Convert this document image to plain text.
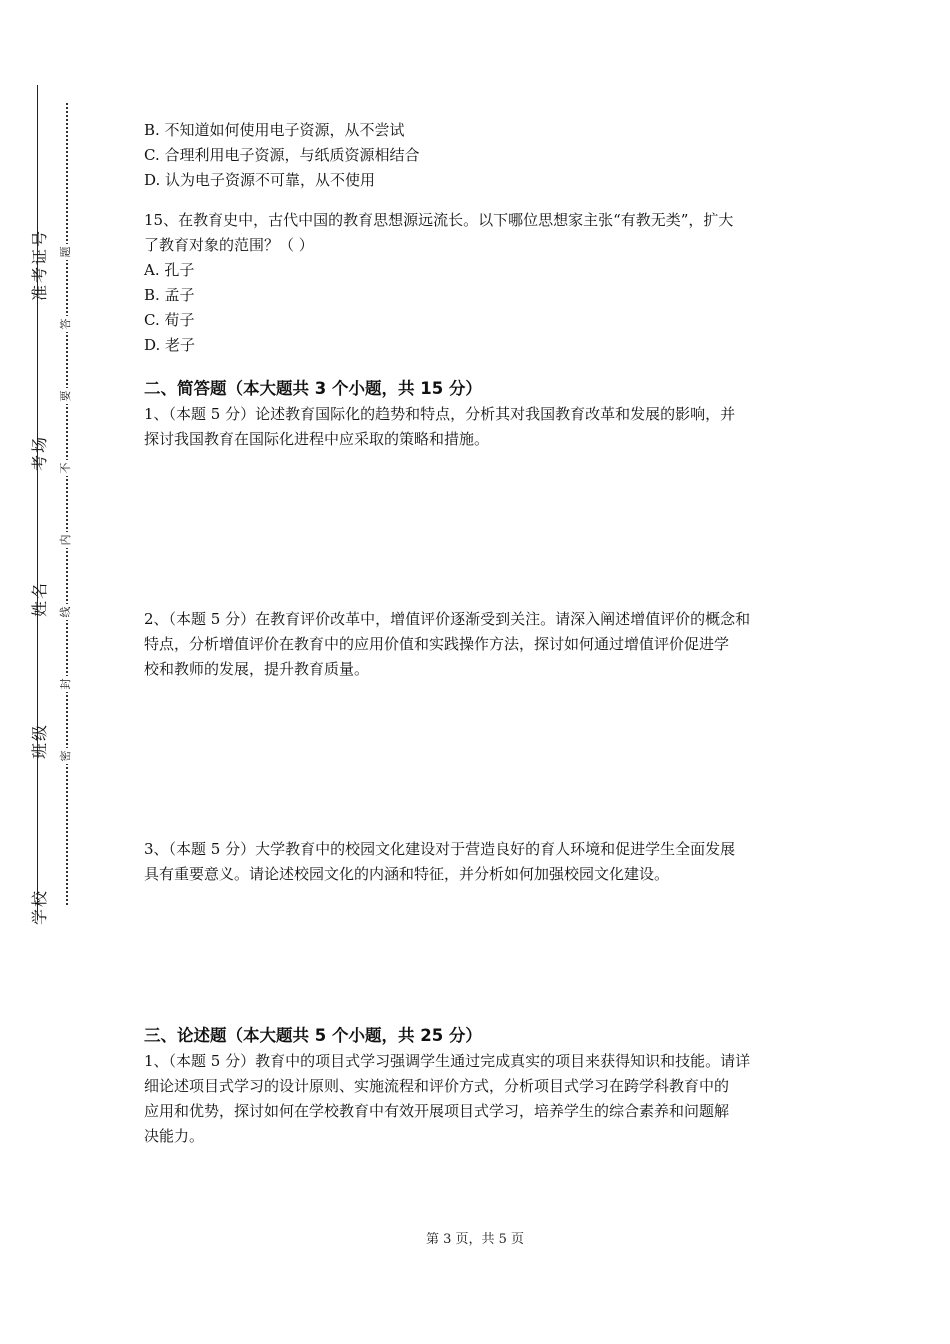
准考证号
考场
姓名
班级
学校
题
答
要
不
内
线
封
密

B. 不知道如何使用电子资源，从不尝试

C. 合理利用电子资源，与纸质资源相结合

D. 认为电子资源不可靠，从不使用

15、在教育史中，古代中国的教育思想源远流长。以下哪位思想家主张“有教无类”，扩大

了教育对象的范围？（ ）

A. 孔子

B. 孟子

C. 荀子

D. 老子

二、简答题（本大题共 3 个小题，共 15 分）

1、（本题 5 分）论述教育国际化的趋势和特点，分析其对我国教育改革和发展的影响，并

探讨我国教育在国际化进程中应采取的策略和措施。

2、（本题 5 分）在教育评价改革中，增值评价逐渐受到关注。请深入阐述增值评价的概念和

特点，分析增值评价在教育中的应用价值和实践操作方法，探讨如何通过增值评价促进学

校和教师的发展，提升教育质量。

3、（本题 5 分）大学教育中的校园文化建设对于营造良好的育人环境和促进学生全面发展

具有重要意义。请论述校园文化的内涵和特征，并分析如何加强校园文化建设。

三、论述题（本大题共 5 个小题，共 25 分）

1、（本题 5 分）教育中的项目式学习强调学生通过完成真实的项目来获得知识和技能。请详

细论述项目式学习的设计原则、实施流程和评价方式，分析项目式学习在跨学科教育中的

应用和优势，探讨如何在学校教育中有效开展项目式学习，培养学生的综合素养和问题解

决能力。

第 3 页，共 5 页
